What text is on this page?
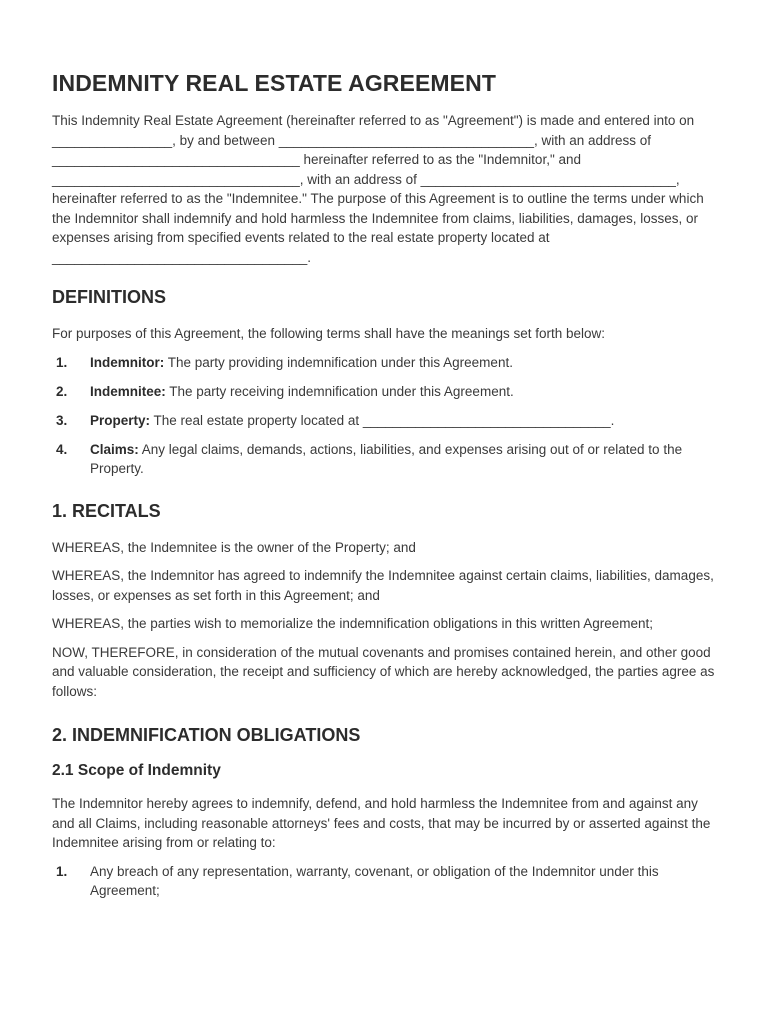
INDEMNITY REAL ESTATE AGREEMENT

This Indemnity Real Estate Agreement (hereinafter referred to as "Agreement") is made and entered into on ________________, by and between __________________________________, with an address of _________________________________ hereinafter referred to as the "Indemnitor," and _________________________________, with an address of __________________________________, hereinafter referred to as the "Indemnitee." The purpose of this Agreement is to outline the terms under which the Indemnitor shall indemnify and hold harmless the Indemnitee from claims, liabilities, damages, losses, or expenses arising from specified events related to the real estate property located at __________________________________.

DEFINITIONS

For purposes of this Agreement, the following terms shall have the meanings set forth below:

1. Indemnitor: The party providing indemnification under this Agreement.
2. Indemnitee: The party receiving indemnification under this Agreement.
3. Property: The real estate property located at _________________________________.
4. Claims: Any legal claims, demands, actions, liabilities, and expenses arising out of or related to the Property.
1. RECITALS

WHEREAS, the Indemnitee is the owner of the Property; and

WHEREAS, the Indemnitor has agreed to indemnify the Indemnitee against certain claims, liabilities, damages, losses, or expenses as set forth in this Agreement; and

WHEREAS, the parties wish to memorialize the indemnification obligations in this written Agreement;

NOW, THEREFORE, in consideration of the mutual covenants and promises contained herein, and other good and valuable consideration, the receipt and sufficiency of which are hereby acknowledged, the parties agree as follows:

2. INDEMNIFICATION OBLIGATIONS
2.1 Scope of Indemnity

The Indemnitor hereby agrees to indemnify, defend, and hold harmless the Indemnitee from and against any and all Claims, including reasonable attorneys' fees and costs, that may be incurred by or asserted against the Indemnitee arising from or relating to:

1. Any breach of any representation, warranty, covenant, or obligation of the Indemnitor under this Agreement;
